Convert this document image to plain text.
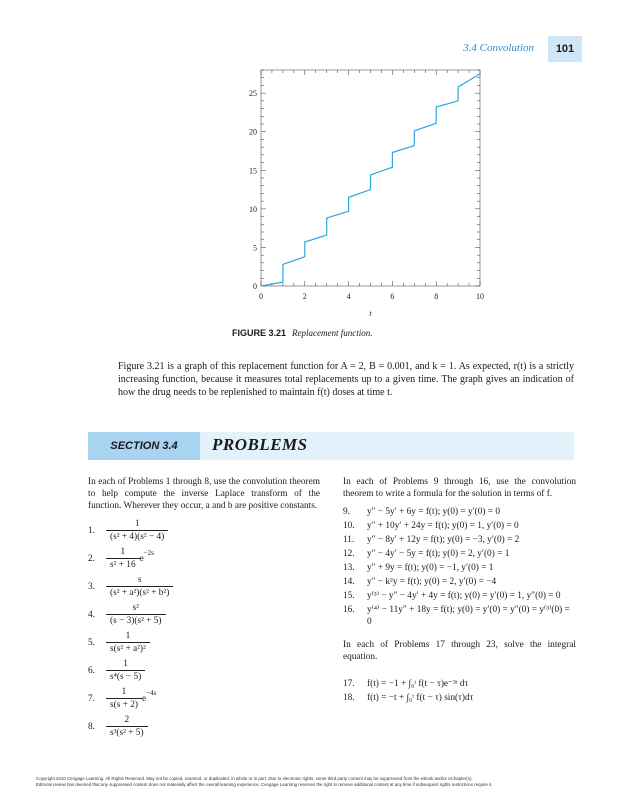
3.4 Convolution	101
0
5
10
15
20
25
0	2	4	6	8	10
t
FIGURE 3.21 Replacement function.
Figure 3.21 is a graph of this replacement function for A = 2, B = 0.001, and k = 1. As expected, r(t) is a strictly increasing function, because it measures total replacements up to a given time. The graph gives an indication of how the drug needs to be replenished to maintain f(t) doses at time t.
SECTION 3.4	PROBLEMS

In each of Problems 1 through 8, use the convolution theorem to help compute the inverse Laplace transform of the function. Wherever they occur, a and b are positive constants.

1.	$\frac{1}{\text{(s² + 4)(s² − 4)}}$
2.	$\frac{1}{\text{s² + 16}} e^{-2s}$
3.	$\frac{s}{\text{(s² + a²)(s² + b²)}}$
4.	$\frac{\text{s²}}{\text{(s − 3)(s² + 5)}}$
5.	$\frac{1}{\text{s(s² + a²)²}}$
6.	$\frac{1}{\text{s⁴(s − 5)}}$
7.	$\frac{1}{s(s + 2)} e^{-4s}$
8.	$\frac{2}{\text{s³(s² + 5)}}$

In each of Problems 9 through 16, use the convolution theorem to write a formula for the solution in terms of f.

9.	y″ − 5y′ + 6y = f(t); y(0) = y′(0) = 0
10.	y″ + 10y′ + 24y = f(t); y(0) = 1, y′(0) = 0
11.	y″ − 8y′ + 12y = f(t); y(0) = −3, y′(0) = 2
12.	y″ − 4y′ − 5y = f(t); y(0) = 2, y′(0) = 1
13.	y″ + 9y = f(t); y(0) = −1, y′(0) = 1
14.	y″ − k²y = f(t); y(0) = 2, y′(0) = −4
15.	y⁽³⁾ − y″ − 4y′ + 4y = f(t); y(0) = y′(0) = 1, y″(0) = 0
16.	y⁽⁴⁾ − 11y″ + 18y = f(t); y(0) = y′(0) = y″(0) = y⁽³⁾(0) = 0

In each of Problems 17 through 23, solve the integral equation.

17.	f(t) = −1 + ∫₀ᵗ f(t − τ)e⁻³ᵗ dτ
18.	f(t) = −t + ∫₀ᵗ f(t − τ) sin(τ)dτ
Copyright 2010 Cengage Learning. All Rights Reserved. May not be copied, scanned, or duplicated, in whole or in part. Due to electronic rights, some third party content may be suppressed from the eBook and/or eChapter(s).
Editorial review has deemed that any suppressed content does not materially affect the overall learning experience. Cengage Learning reserves the right to remove additional content at any time if subsequent rights restrictions require it.
